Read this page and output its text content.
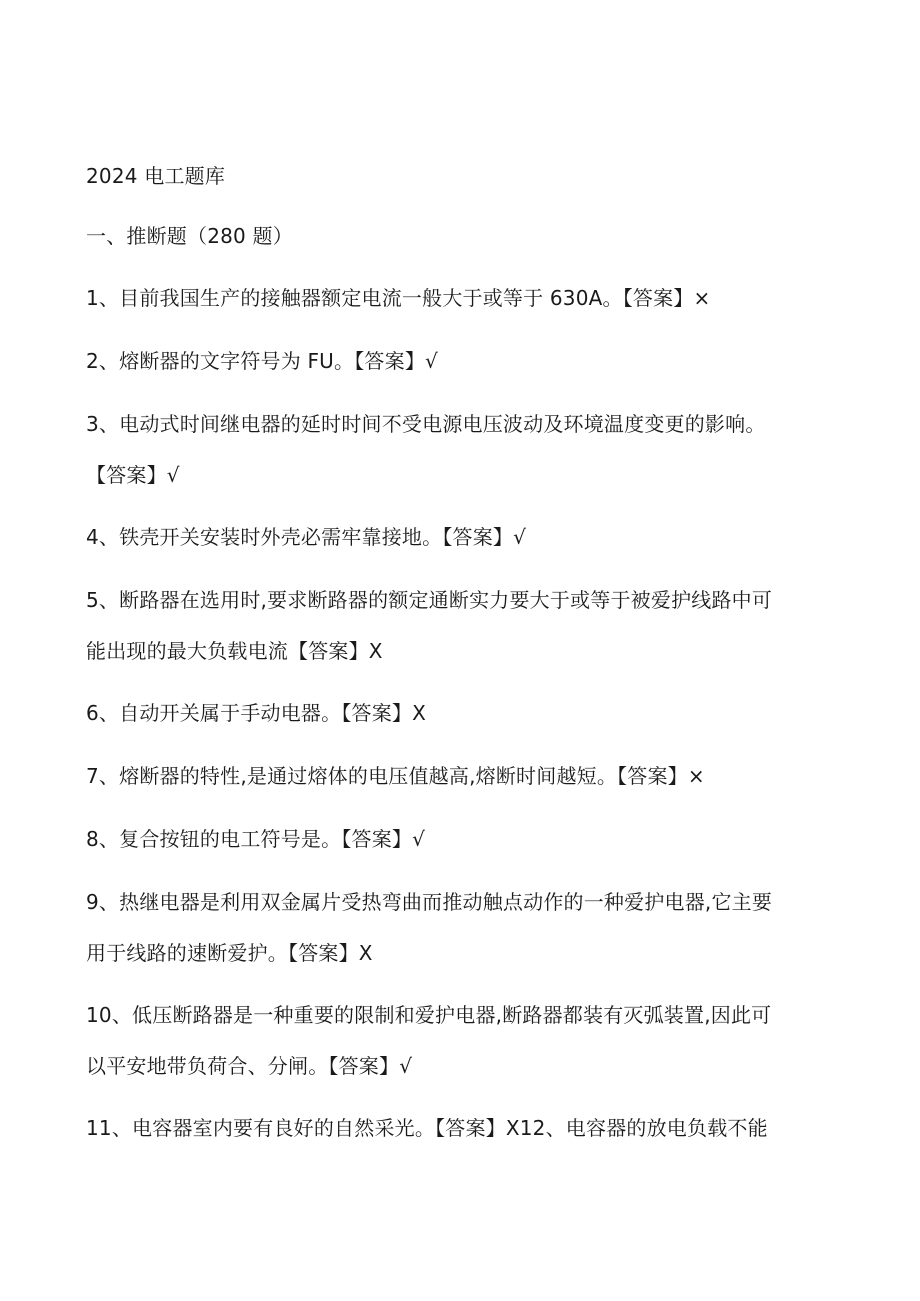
2024 电工题库
一、推断题（280 题）
1、目前我国生产的接触器额定电流一般大于或等于 630A。【答案】×
2、熔断器的文字符号为 FU。【答案】√
3、电动式时间继电器的延时时间不受电源电压波动及环境温度变更的影响。
【答案】√
4、铁壳开关安装时外壳必需牢靠接地。【答案】√
5、断路器在选用时,要求断路器的额定通断实力要大于或等于被爱护线路中可
能出现的最大负载电流【答案】X
6、自动开关属于手动电器。【答案】X
7、熔断器的特性,是通过熔体的电压值越高,熔断时间越短。【答案】×
8、复合按钮的电工符号是。【答案】√
9、热继电器是利用双金属片受热弯曲而推动触点动作的一种爱护电器,它主要
用于线路的速断爱护。【答案】X
10、低压断路器是一种重要的限制和爱护电器,断路器都装有灭弧装置,因此可
以平安地带负荷合、分闸。【答案】√
11、电容器室内要有良好的自然采光。【答案】X12、电容器的放电负载不能
